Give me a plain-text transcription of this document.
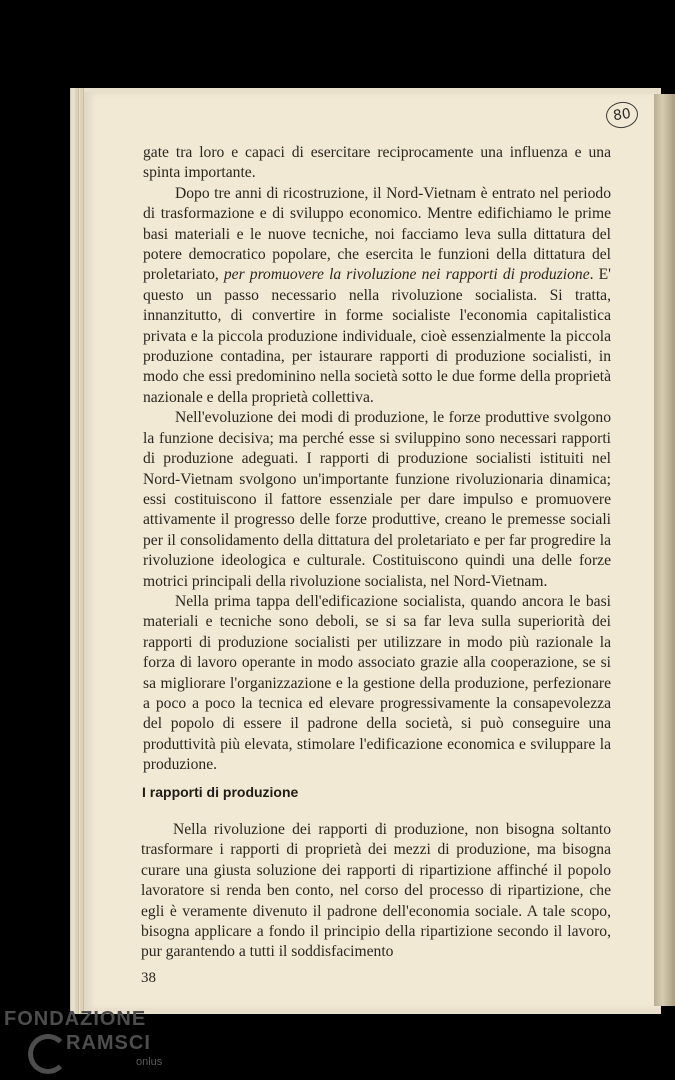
80

gate tra loro e capaci di esercitare reciprocamente una influenza e una spinta importante.

Dopo tre anni di ricostruzione, il Nord-Vietnam è entrato nel periodo di trasformazione e di sviluppo economico. Mentre edifichiamo le prime basi materiali e le nuove tecniche, noi facciamo leva sulla dittatura del potere democratico popolare, che esercita le funzioni della dittatura del proletariato, per promuovere la rivoluzione nei rapporti di produzione. E' questo un passo necessario nella rivoluzione socialista. Si tratta, innanzitutto, di convertire in forme socialiste l'economia capitalistica privata e la piccola produzione individuale, cioè essenzialmente la piccola produzione contadina, per istaurare rapporti di produzione socialisti, in modo che essi predominino nella società sotto le due forme della proprietà nazionale e della proprietà collettiva.

Nell'evoluzione dei modi di produzione, le forze produttive svolgono la funzione decisiva; ma perché esse si sviluppino sono necessari rapporti di produzione adeguati. I rapporti di produzione socialisti istituiti nel Nord-Vietnam svolgono un'importante funzione rivoluzionaria dinamica; essi costituiscono il fattore essenziale per dare impulso e promuovere attivamente il progresso delle forze produttive, creano le premesse sociali per il consolidamento della dittatura del proletariato e per far progredire la rivoluzione ideologica e culturale. Costituiscono quindi una delle forze motrici principali della rivoluzione socialista, nel Nord-Vietnam.

Nella prima tappa dell'edificazione socialista, quando ancora le basi materiali e tecniche sono deboli, se si sa far leva sulla superiorità dei rapporti di produzione socialisti per utilizzare in modo più razionale la forza di lavoro operante in modo associato grazie alla cooperazione, se si sa migliorare l'organizzazione e la gestione della produzione, perfezionare a poco a poco la tecnica ed elevare progressivamente la consapevolezza del popolo di essere il padrone della società, si può conseguire una produttività più elevata, stimolare l'edificazione economica e sviluppare la produzione.

I rapporti di produzione

Nella rivoluzione dei rapporti di produzione, non bisogna soltanto trasformare i rapporti di proprietà dei mezzi di produzione, ma bisogna curare una giusta soluzione dei rapporti di ripartizione affinché il popolo lavoratore si renda ben conto, nel corso del processo di ripartizione, che egli è veramente divenuto il padrone dell'economia sociale. A tale scopo, bisogna applicare a fondo il principio della ripartizione secondo il lavoro, pur garantendo a tutti il soddisfacimento

38
FONDAZIONE
RAMSCI
onlus
